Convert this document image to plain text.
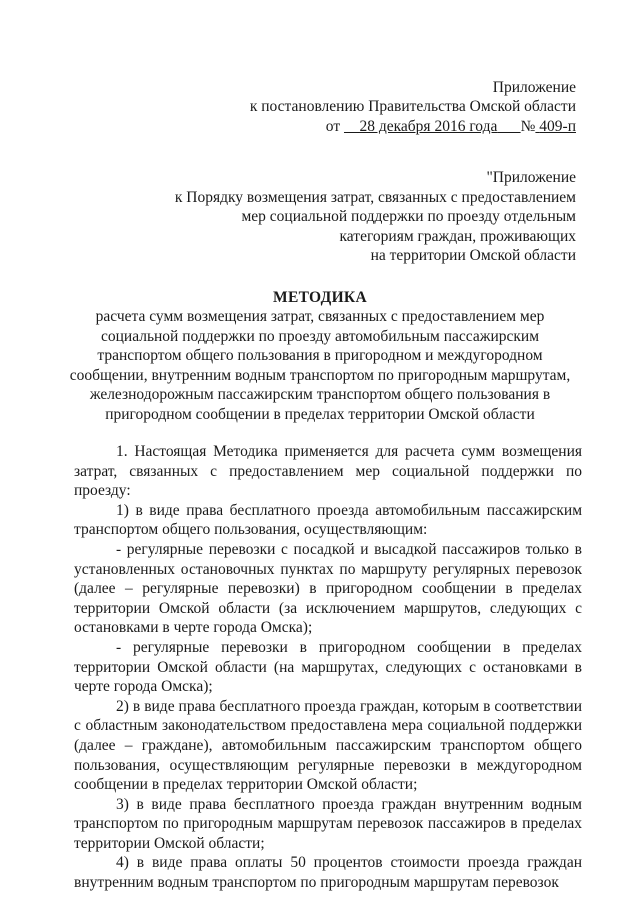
Приложение
к постановлению Правительства Омской области
от 28 декабря 2016 года № 409-п
"Приложение
к Порядку возмещения затрат, связанных с предоставлением
мер социальной поддержки по проезду отдельным
категориям граждан, проживающих
на территории Омской области
МЕТОДИКА
расчета сумм возмещения затрат, связанных с предоставлением мер
социальной поддержки по проезду автомобильным пассажирским
транспортом общего пользования в пригородном и междугородном
сообщении, внутренним водным транспортом по пригородным маршрутам,
железнодорожным пассажирским транспортом общего пользования в
пригородном сообщении в пределах территории Омской области

1. Настоящая Методика применяется для расчета сумм возмещения затрат, связанных с предоставлением мер социальной поддержки по проезду:

1) в виде права бесплатного проезда автомобильным пассажирским транспортом общего пользования, осуществляющим:

- регулярные перевозки с посадкой и высадкой пассажиров только в установленных остановочных пунктах по маршруту регулярных перевозок (далее – регулярные перевозки) в пригородном сообщении в пределах территории Омской области (за исключением маршрутов, следующих с остановками в черте города Омска);

- регулярные перевозки в пригородном сообщении в пределах территории Омской области (на маршрутах, следующих с остановками в черте города Омска);

2) в виде права бесплатного проезда граждан, которым в соответствии с областным законодательством предоставлена мера социальной поддержки (далее – граждане), автомобильным пассажирским транспортом общего пользования, осуществляющим регулярные перевозки в междугородном сообщении в пределах территории Омской области;

3) в виде права бесплатного проезда граждан внутренним водным транспортом по пригородным маршрутам перевозок пассажиров в пределах территории Омской области;

4) в виде права оплаты 50 процентов стоимости проезда граждан внутренним водным транспортом по пригородным маршрутам перевозок
